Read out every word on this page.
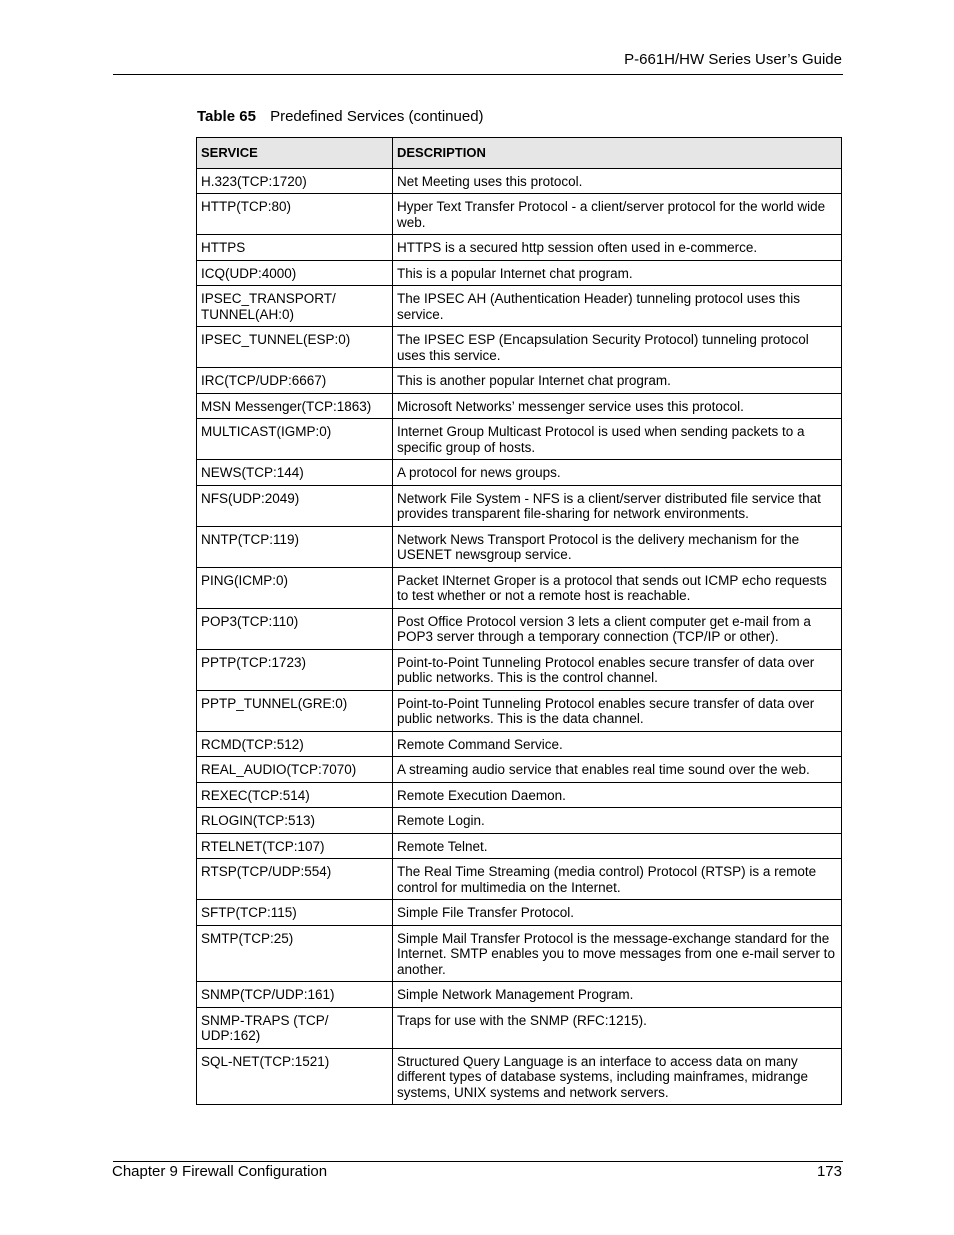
P-661H/HW Series User’s Guide
Table 65 Predefined Services (continued)
SERVICE	DESCRIPTION
H.323(TCP:1720)	Net Meeting uses this protocol.
HTTP(TCP:80)	Hyper Text Transfer Protocol - a client/server protocol for the world wide web.
HTTPS	HTTPS is a secured http session often used in e-commerce.
ICQ(UDP:4000)	This is a popular Internet chat program.
IPSEC_TRANSPORT/ TUNNEL(AH:0)	The IPSEC AH (Authentication Header) tunneling protocol uses this service.
IPSEC_TUNNEL(ESP:0)	The IPSEC ESP (Encapsulation Security Protocol) tunneling protocol uses this service.
IRC(TCP/UDP:6667)	This is another popular Internet chat program.
MSN Messenger(TCP:1863)	Microsoft Networks’ messenger service uses this protocol.
MULTICAST(IGMP:0)	Internet Group Multicast Protocol is used when sending packets to a specific group of hosts.
NEWS(TCP:144)	A protocol for news groups.
NFS(UDP:2049)	Network File System - NFS is a client/server distributed file service that provides transparent file-sharing for network environments.
NNTP(TCP:119)	Network News Transport Protocol is the delivery mechanism for the USENET newsgroup service.
PING(ICMP:0)	Packet INternet Groper is a protocol that sends out ICMP echo requests to test whether or not a remote host is reachable.
POP3(TCP:110)	Post Office Protocol version 3 lets a client computer get e-mail from a POP3 server through a temporary connection (TCP/IP or other).
PPTP(TCP:1723)	Point-to-Point Tunneling Protocol enables secure transfer of data over public networks. This is the control channel.
PPTP_TUNNEL(GRE:0)	Point-to-Point Tunneling Protocol enables secure transfer of data over public networks. This is the data channel.
RCMD(TCP:512)	Remote Command Service.
REAL_AUDIO(TCP:7070)	A streaming audio service that enables real time sound over the web.
REXEC(TCP:514)	Remote Execution Daemon.
RLOGIN(TCP:513)	Remote Login.
RTELNET(TCP:107)	Remote Telnet.
RTSP(TCP/UDP:554)	The Real Time Streaming (media control) Protocol (RTSP) is a remote control for multimedia on the Internet.
SFTP(TCP:115)	Simple File Transfer Protocol.
SMTP(TCP:25)	Simple Mail Transfer Protocol is the message-exchange standard for the Internet. SMTP enables you to move messages from one e-mail server to another.
SNMP(TCP/UDP:161)	Simple Network Management Program.
SNMP-TRAPS (TCP/ UDP:162)	Traps for use with the SNMP (RFC:1215).
SQL-NET(TCP:1521)	Structured Query Language is an interface to access data on many different types of database systems, including mainframes, midrange systems, UNIX systems and network servers.
Chapter 9 Firewall Configuration	173
